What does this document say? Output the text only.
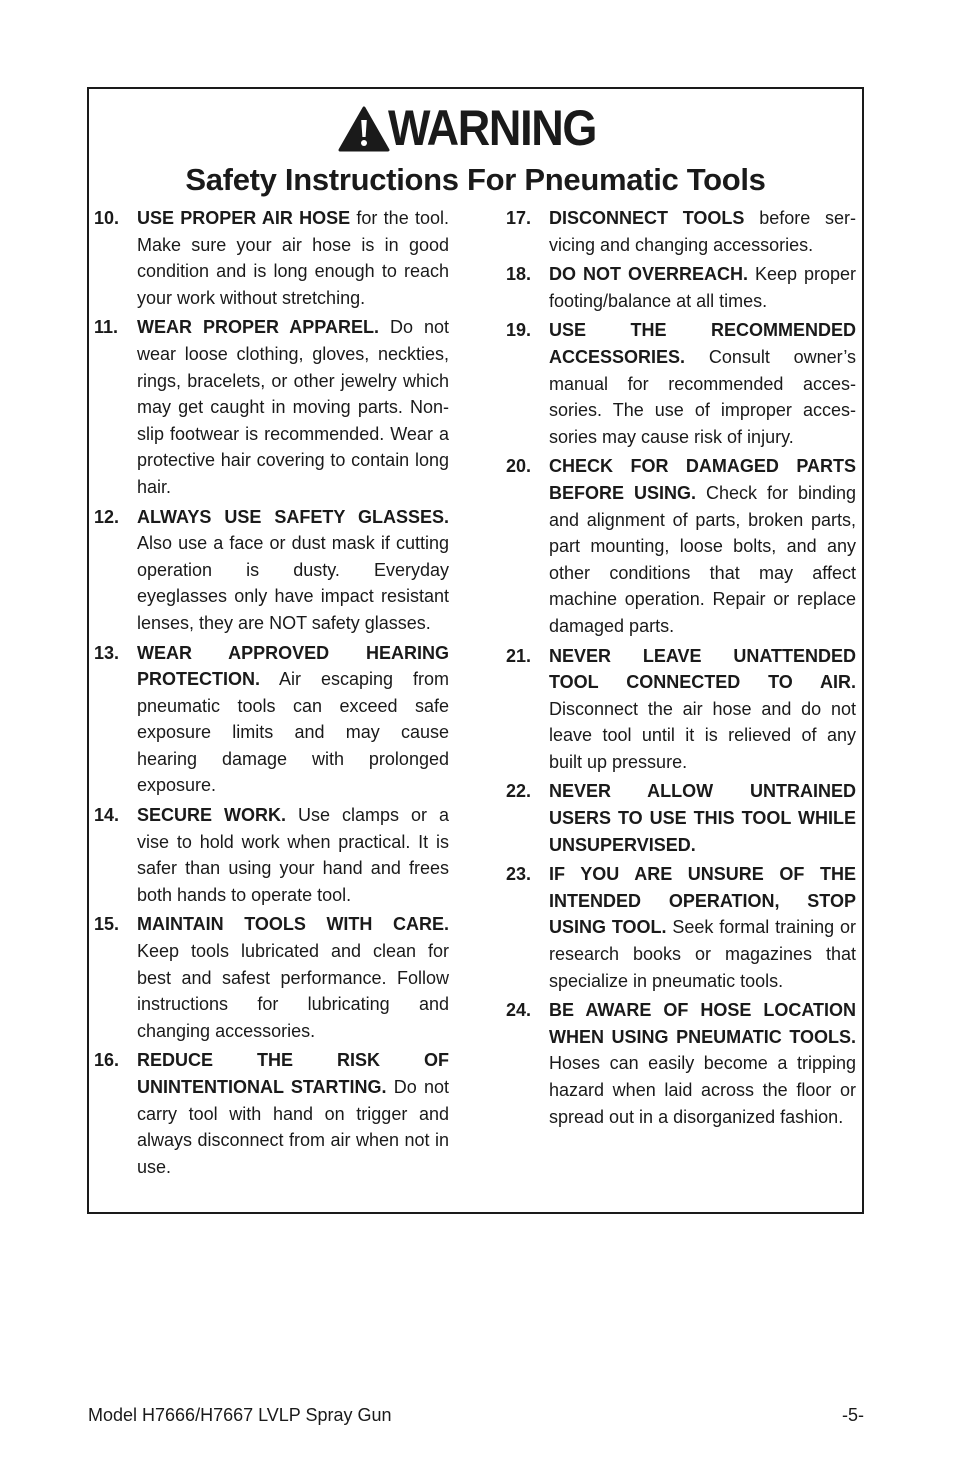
WARNING
Safety Instructions For Pneumatic Tools
10. USE PROPER AIR HOSE for the tool. Make sure your air hose is in good condition and is long enough to reach your work without stretching.
11.	WEAR PROPER APPAREL. Do not wear loose clothing, gloves, neckties, rings, bracelets, or other jewelry which may get caught in moving parts. Non-slip footwear is recommended. Wear a protective hair covering to contain long hair.
12. ALWAYS USE SAFETY GLASSES. Also use a face or dust mask if cutting operation is dusty. Everyday eyeglasses only have impact resistant lenses, they are NOT safety glasses.
13. WEAR APPROVED HEARING PROTECTION. Air escaping from pneumatic tools can exceed safe exposure limits and may cause hearing damage with prolonged exposure.
14. SECURE WORK. Use clamps or a vise to hold work when practical. It is safer than using your hand and frees both hands to operate tool.
15. MAINTAIN TOOLS WITH CARE. Keep tools lubricated and clean for best and safest performance. Follow instructions for lubricating and changing accessories.
16. REDUCE THE RISK OF UNINTENTIONAL STARTING. Do not carry tool with hand on trigger and always disconnect from air when not in use.
17. DISCONNECT TOOLS before servicing and changing accessories.
18. DO NOT OVERREACH. Keep proper footing/balance at all times.
19. USE THE RECOMMENDED ACCESSORIES. Consult owner’s manual for recommended accessories. The use of improper accessories may cause risk of injury.
20. CHECK FOR DAMAGED PARTS BEFORE USING. Check for binding and alignment of parts, broken parts, part mounting, loose bolts, and any other conditions that may affect machine operation. Repair or replace damaged parts.
21. NEVER LEAVE UNATTENDED TOOL CONNECTED TO AIR. Disconnect the air hose and do not leave tool until it is relieved of any built up pressure.
22. NEVER ALLOW UNTRAINED USERS TO USE THIS TOOL WHILE UNSUPERVISED.
23. IF YOU ARE UNSURE OF THE INTENDED OPERATION, STOP USING TOOL. Seek formal training or research books or magazines that specialize in pneumatic tools.
24. BE AWARE OF HOSE LOCATION WHEN USING PNEUMATIC TOOLS. Hoses can easily become a tripping hazard when laid across the floor or spread out in a disorganized fashion.
Model H7666/H7667 LVLP Spray Gun	-5-
